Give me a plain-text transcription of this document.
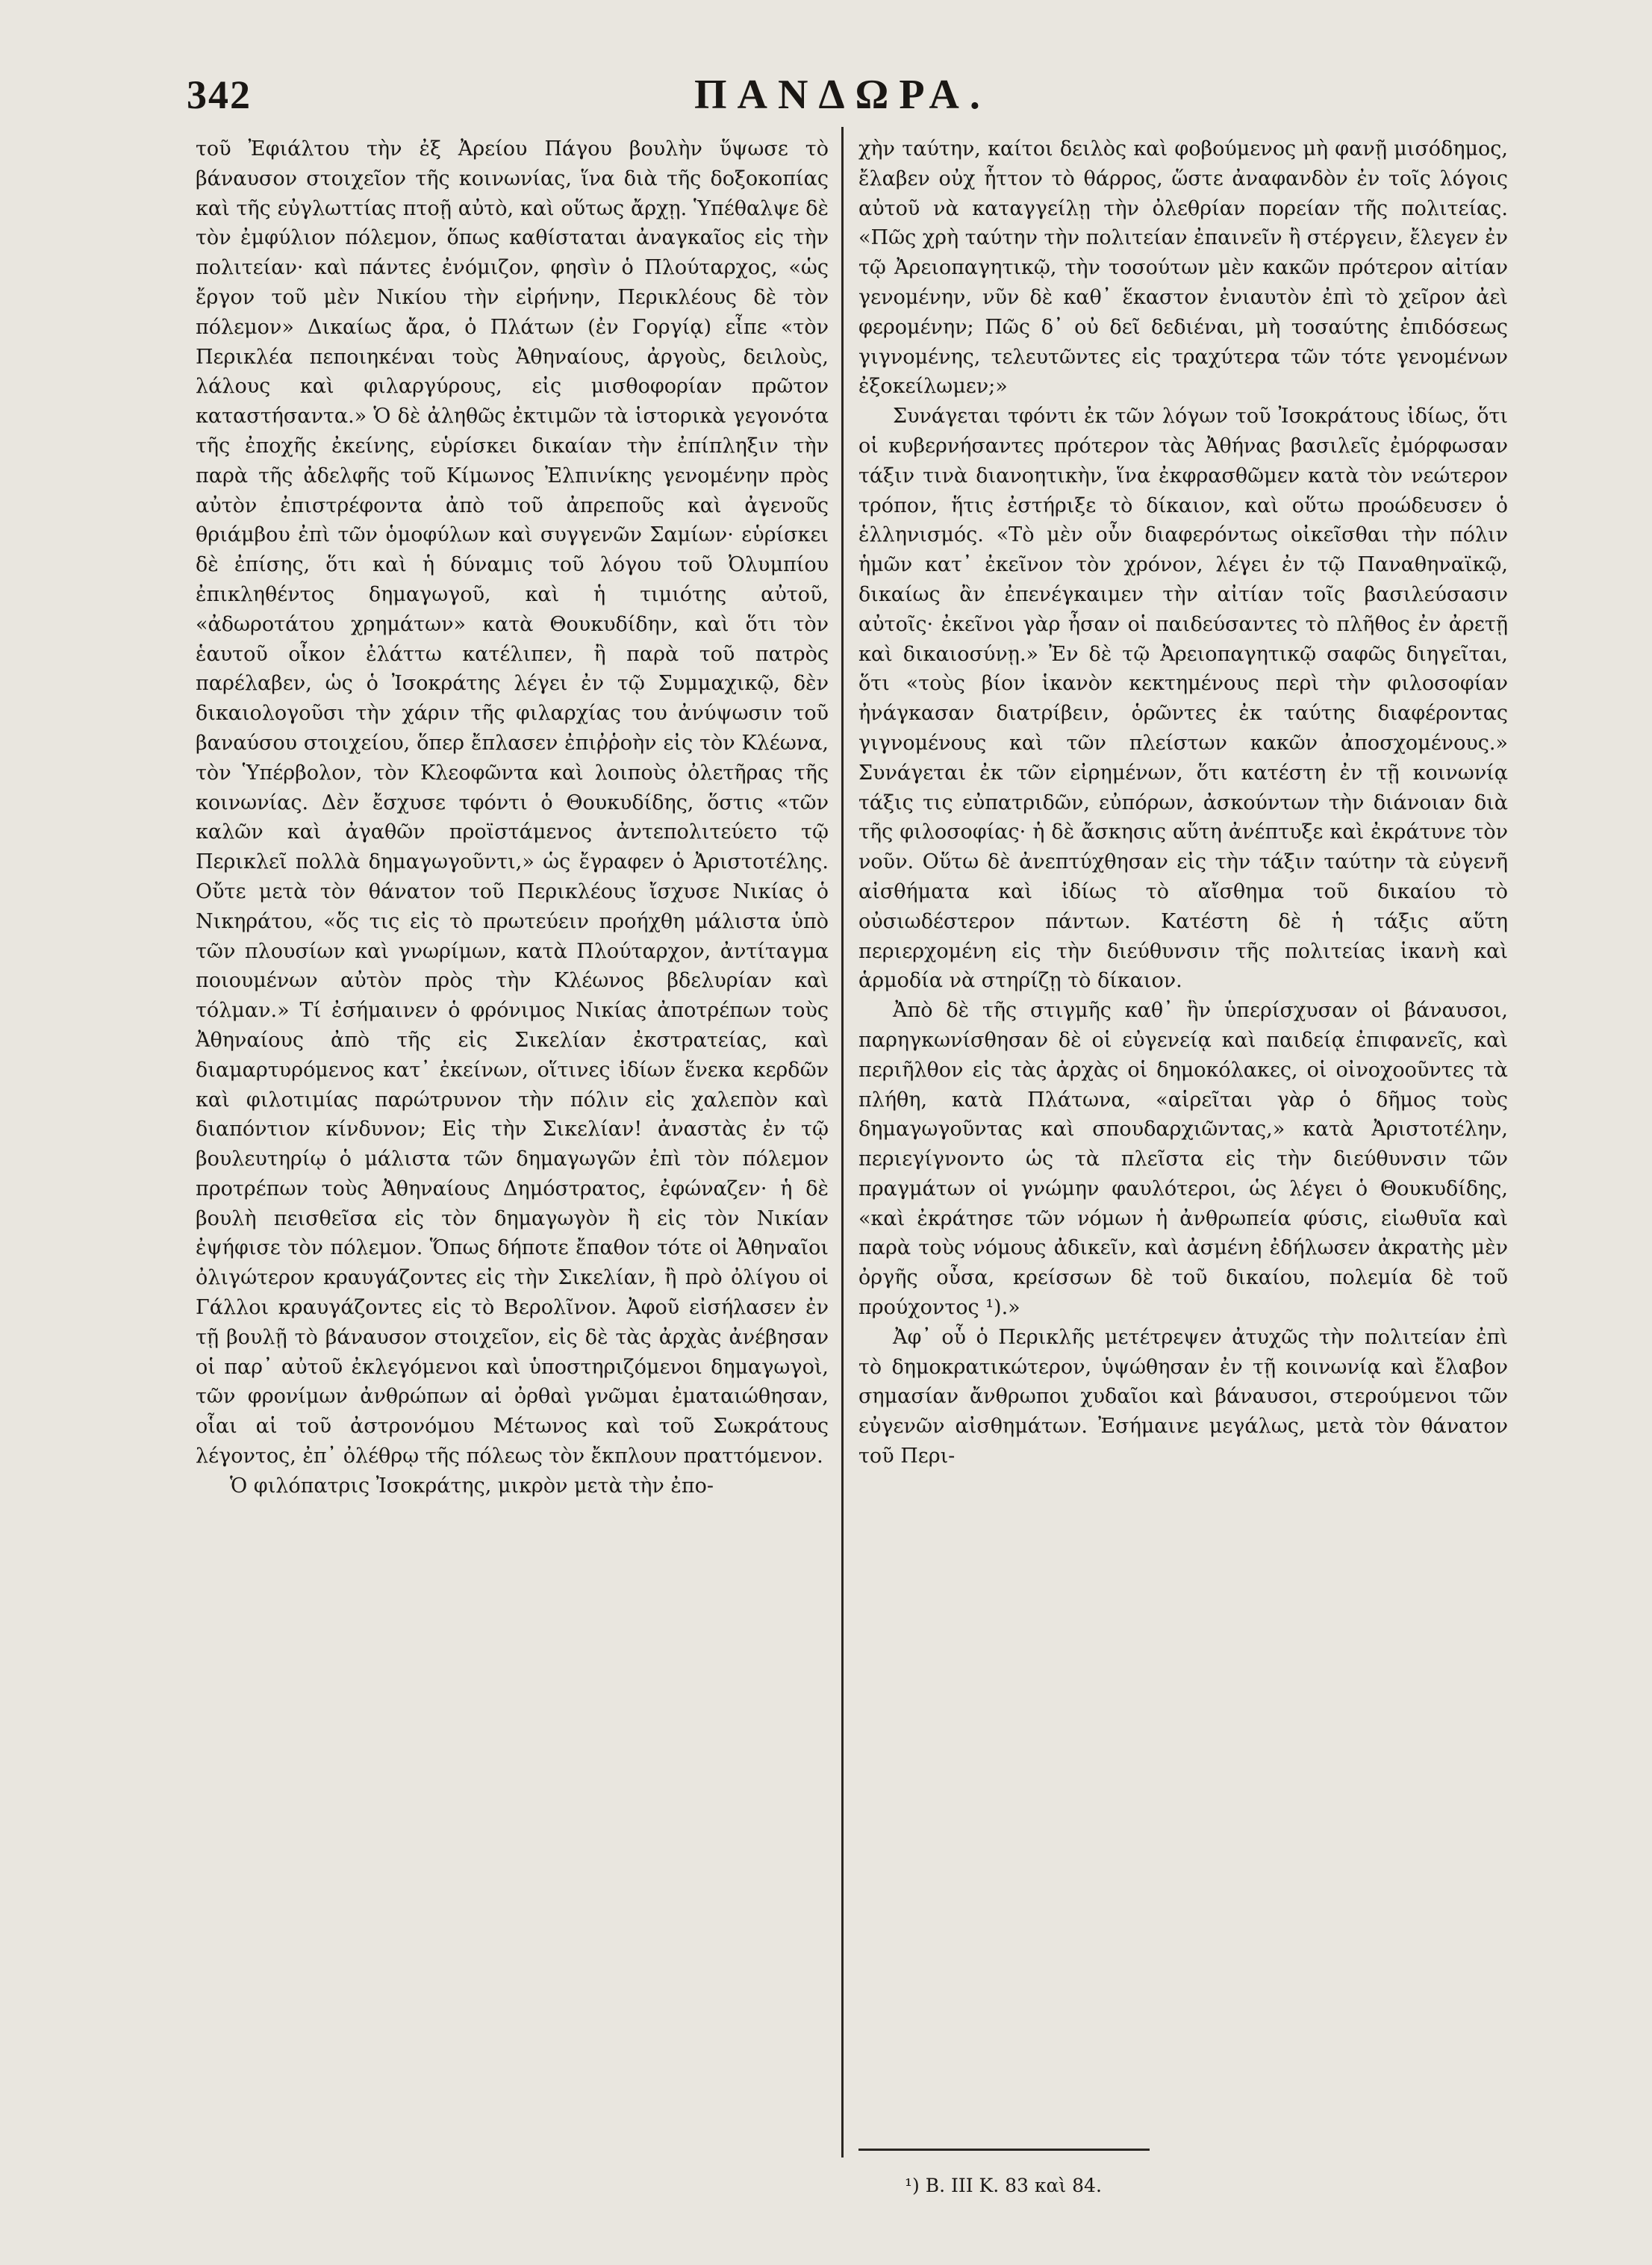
342	ΠΑΝΔΩΡΑ.

τοῦ Ἐφιάλτου τὴν ἐξ Ἀρείου Πάγου βουλὴν ὕψωσε τὸ βάναυσον στοιχεῖον τῆς κοινωνίας, ἵνα διὰ τῆς δοξοκοπίας καὶ τῆς εὐγλωττίας πτοῇ αὐτὸ, καὶ οὕτως ἄρχῃ. Ὑπέθαλψε δὲ τὸν ἐμφύλιον πόλεμον, ὅπως καθίσταται ἀναγκαῖος εἰς τὴν πολιτείαν· καὶ πάντες ἐνόμιζον, φησὶν ὁ Πλούταρχος, «ὡς ἔργον τοῦ μὲν Νικίου τὴν εἰρήνην, Περικλέους δὲ τὸν πόλεμον» Δικαίως ἄρα, ὁ Πλάτων (ἐν Γοργίᾳ) εἶπε «τὸν Περικλέα πεποιηκέναι τοὺς Ἀθηναίους, ἀργοὺς, δειλοὺς, λάλους καὶ φιλαργύρους, εἰς μισθοφορίαν πρῶτον καταστήσαντα.» Ὁ δὲ ἀληθῶς ἐκτιμῶν τὰ ἱστορικὰ γεγονότα τῆς ἐποχῆς ἐκείνης, εὑρίσκει δικαίαν τὴν ἐπίπληξιν τὴν παρὰ τῆς ἀδελφῆς τοῦ Κίμωνος Ἐλπινίκης γενομένην πρὸς αὐτὸν ἐπιστρέφοντα ἀπὸ τοῦ ἀπρεποῦς καὶ ἀγενοῦς θριάμβου ἐπὶ τῶν ὁμοφύλων καὶ συγγενῶν Σαμίων· εὑρίσκει δὲ ἐπίσης, ὅτι καὶ ἡ δύναμις τοῦ λόγου τοῦ Ὀλυμπίου ἐπικληθέντος δημαγωγοῦ, καὶ ἡ τιμιότης αὐτοῦ, «ἀδωροτάτου χρημάτων» κατὰ Θουκυδίδην, καὶ ὅτι τὸν ἑαυτοῦ οἶκον ἐλάττω κατέλιπεν, ἢ παρὰ τοῦ πατρὸς παρέλαβεν, ὡς ὁ Ἰσοκράτης λέγει ἐν τῷ Συμμαχικῷ, δὲν δικαιολογοῦσι τὴν χάριν τῆς φιλαρχίας του ἀνύψωσιν τοῦ βαναύσου στοιχείου, ὅπερ ἔπλασεν ἐπιῤῥοὴν εἰς τὸν Κλέωνα, τὸν Ὑπέρβολον, τὸν Κλεοφῶντα καὶ λοιποὺς ὀλετῆρας τῆς κοινωνίας. Δὲν ἔσχυσε τφόντι ὁ Θουκυδίδης, ὅστις «τῶν καλῶν καὶ ἀγαθῶν προϊστάμενος ἀντεπολιτεύετο τῷ Περικλεῖ πολλὰ δημαγωγοῦντι,» ὡς ἔγραφεν ὁ Ἀριστοτέλης. Οὔτε μετὰ τὸν θάνατον τοῦ Περικλέους ἴσχυσε Νικίας ὁ Νικηράτου, «ὅς τις εἰς τὸ πρωτεύειν προήχθη μάλιστα ὑπὸ τῶν πλουσίων καὶ γνωρίμων, κατὰ Πλούταρχον, ἀντίταγμα ποιουμένων αὐτὸν πρὸς τὴν Κλέωνος βδελυρίαν καὶ τόλμαν.» Τί ἐσήμαινεν ὁ φρόνιμος Νικίας ἀποτρέπων τοὺς Ἀθηναίους ἀπὸ τῆς εἰς Σικελίαν ἐκστρατείας, καὶ διαμαρτυρόμενος κατ᾽ ἐκείνων, οἵτινες ἰδίων ἕνεκα κερδῶν καὶ φιλοτιμίας παρώτρυνον τὴν πόλιν εἰς χαλεπὸν καὶ διαπόντιον κίνδυνον; Εἰς τὴν Σικελίαν! ἀναστὰς ἐν τῷ βουλευτηρίῳ ὁ μάλιστα τῶν δημαγωγῶν ἐπὶ τὸν πόλεμον προτρέπων τοὺς Ἀθηναίους Δημόστρατος, ἐφώναζεν· ἡ δὲ βουλὴ πεισθεῖσα εἰς τὸν δημαγωγὸν ἢ εἰς τὸν Νικίαν ἐψήφισε τὸν πόλεμον. Ὅπως δήποτε ἔπαθον τότε οἱ Ἀθηναῖοι ὀλιγώτερον κραυγάζοντες εἰς τὴν Σικελίαν, ἢ πρὸ ὀλίγου οἱ Γάλλοι κραυγάζοντες εἰς τὸ Βερολῖνον. Ἀφοῦ εἰσήλασεν ἐν τῇ βουλῇ τὸ βάναυσον στοιχεῖον, εἰς δὲ τὰς ἀρχὰς ἀνέβησαν οἱ παρ᾽ αὐτοῦ ἐκλεγόμενοι καὶ ὑποστηριζόμενοι δημαγωγοὶ, τῶν φρονίμων ἀνθρώπων αἱ ὀρθαὶ γνῶμαι ἐματαιώθησαν, οἷαι αἱ τοῦ ἀστρονόμου Μέτωνος καὶ τοῦ Σωκράτους λέγοντος, ἐπ᾽ ὀλέθρῳ τῆς πόλεως τὸν ἔκπλουν πραττόμενον.

Ὁ φιλόπατρις Ἰσοκράτης, μικρὸν μετὰ τὴν ἐπο-

χὴν ταύτην, καίτοι δειλὸς καὶ φοβούμενος μὴ φανῇ μισόδημος, ἔλαβεν οὐχ ἧττον τὸ θάρρος, ὥστε ἀναφανδὸν ἐν τοῖς λόγοις αὐτοῦ νὰ καταγγείλῃ τὴν ὀλεθρίαν πορείαν τῆς πολιτείας. «Πῶς χρὴ ταύτην τὴν πολιτείαν ἐπαινεῖν ἢ στέργειν, ἔλεγεν ἐν τῷ Ἀρειοπαγητικῷ, τὴν τοσούτων μὲν κακῶν πρότερον αἰτίαν γενομένην, νῦν δὲ καθ᾽ ἕκαστον ἐνιαυτὸν ἐπὶ τὸ χεῖρον ἀεὶ φερομένην; Πῶς δ᾽ οὐ δεῖ δεδιέναι, μὴ τοσαύτης ἐπιδόσεως γιγνομένης, τελευτῶντες εἰς τραχύτερα τῶν τότε γενομένων ἐξοκείλωμεν;»

Συνάγεται τφόντι ἐκ τῶν λόγων τοῦ Ἰσοκράτους ἰδίως, ὅτι οἱ κυβερνήσαντες πρότερον τὰς Ἀθήνας βασιλεῖς ἐμόρφωσαν τάξιν τινὰ διανοητικὴν, ἵνα ἐκφρασθῶμεν κατὰ τὸν νεώτερον τρόπον, ἥτις ἐστήριξε τὸ δίκαιον, καὶ οὕτω προώδευσεν ὁ ἑλληνισμός. «Τὸ μὲν οὖν διαφερόντως οἰκεῖσθαι τὴν πόλιν ἡμῶν κατ᾽ ἐκεῖνον τὸν χρόνον, λέγει ἐν τῷ Παναθηναϊκῷ, δικαίως ἂν ἐπενέγκαιμεν τὴν αἰτίαν τοῖς βασιλεύσασιν αὐτοῖς· ἐκεῖνοι γὰρ ἦσαν οἱ παιδεύσαντες τὸ πλῆθος ἐν ἀρετῇ καὶ δικαιοσύνῃ.» Ἐν δὲ τῷ Ἀρειοπαγητικῷ σαφῶς διηγεῖται, ὅτι «τοὺς βίον ἱκανὸν κεκτημένους περὶ τὴν φιλοσοφίαν ἠνάγκασαν διατρίβειν, ὁρῶντες ἐκ ταύτης διαφέροντας γιγνομένους καὶ τῶν πλείστων κακῶν ἀποσχομένους.» Συνάγεται ἐκ τῶν εἰρημένων, ὅτι κατέστη ἐν τῇ κοινωνίᾳ τάξις τις εὐπατριδῶν, εὐπόρων, ἀσκούντων τὴν διάνοιαν διὰ τῆς φιλοσοφίας· ἡ δὲ ἄσκησις αὕτη ἀνέπτυξε καὶ ἐκράτυνε τὸν νοῦν. Οὕτω δὲ ἀνεπτύχθησαν εἰς τὴν τάξιν ταύτην τὰ εὐγενῆ αἰσθήματα καὶ ἰδίως τὸ αἴσθημα τοῦ δικαίου τὸ οὐσιωδέστερον πάντων. Κατέστη δὲ ἡ τάξις αὕτη περιερχομένη εἰς τὴν διεύθυνσιν τῆς πολιτείας ἱκανὴ καὶ ἁρμοδία νὰ στηρίζῃ τὸ δίκαιον.

Ἀπὸ δὲ τῆς στιγμῆς καθ᾽ ἣν ὑπερίσχυσαν οἱ βάναυσοι, παρηγκωνίσθησαν δὲ οἱ εὐγενείᾳ καὶ παιδείᾳ ἐπιφανεῖς, καὶ περιῆλθον εἰς τὰς ἀρχὰς οἱ δημοκόλακες, οἱ οἰνοχοοῦντες τὰ πλήθη, κατὰ Πλάτωνα, «αἱρεῖται γὰρ ὁ δῆμος τοὺς δημαγωγοῦντας καὶ σπουδαρχιῶντας,» κατὰ Ἀριστοτέλην, περιεγίγνοντο ὡς τὰ πλεῖστα εἰς τὴν διεύθυνσιν τῶν πραγμάτων οἱ γνώμην φαυλότεροι, ὡς λέγει ὁ Θουκυδίδης, «καὶ ἐκράτησε τῶν νόμων ἡ ἀνθρωπεία φύσις, εἰωθυῖα καὶ παρὰ τοὺς νόμους ἀδικεῖν, καὶ ἀσμένη ἐδήλωσεν ἀκρατὴς μὲν ὀργῆς οὖσα, κρείσσων δὲ τοῦ δικαίου, πολεμία δὲ τοῦ προύχοντος ¹).»

Ἀφ᾽ οὗ ὁ Περικλῆς μετέτρεψεν ἀτυχῶς τὴν πολιτείαν ἐπὶ τὸ δημοκρατικώτερον, ὑψώθησαν ἐν τῇ κοινωνίᾳ καὶ ἔλαβον σημασίαν ἄνθρωποι χυδαῖοι καὶ βάναυσοι, στερούμενοι τῶν εὐγενῶν αἰσθημάτων. Ἐσήμαινε μεγάλως, μετὰ τὸν θάνατον τοῦ Περι-

¹) Β. ΙΙΙ Κ. 83 καὶ 84.
